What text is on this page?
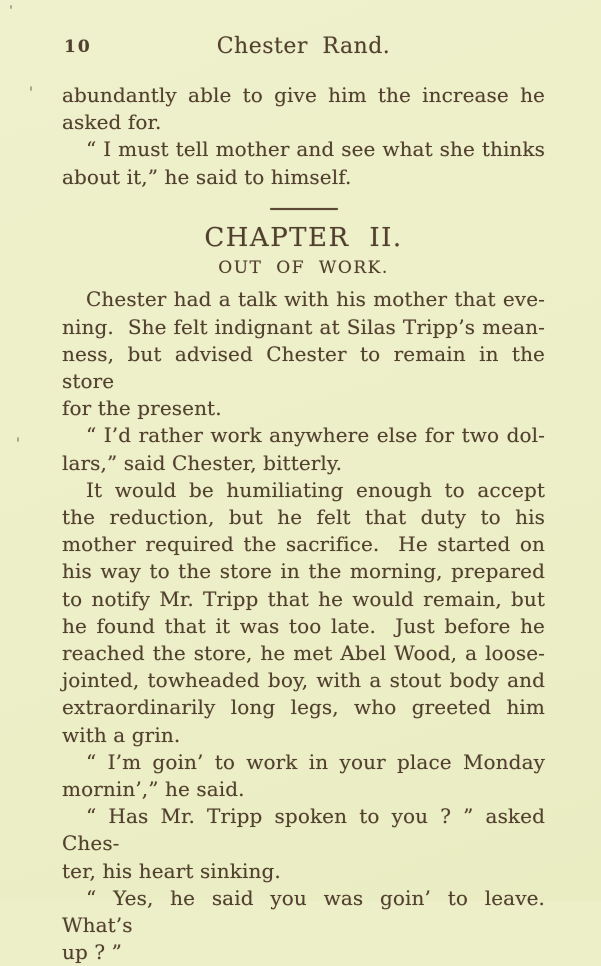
10	Chester Rand.
abundantly able to give him the increase he
asked for.
“ I must tell mother and see what she thinks
about it,” he said to himself.
CHAPTER II.
OUT OF WORK.
Chester had a talk with his mother that eve-
ning.  She felt indignant at Silas Tripp’s mean-
ness, but advised Chester to remain in the store
for the present.
“ I’d rather work anywhere else for two dol-
lars,” said Chester, bitterly.
It would be humiliating enough to accept
the reduction, but he felt that duty to his
mother required the sacrifice.  He started on
his way to the store in the morning, prepared
to notify Mr. Tripp that he would remain, but
he found that it was too late.  Just before he
reached the store, he met Abel Wood, a loose-
jointed, towheaded boy, with a stout body and
extraordinarily long legs, who greeted him
with a grin.
“ I’m goin’ to work in your place Monday
mornin’,” he said.
“ Has Mr. Tripp spoken to you ? ” asked Ches-
ter, his heart sinking.
“ Yes, he said you was goin’ to leave.  What’s
up ? ”
